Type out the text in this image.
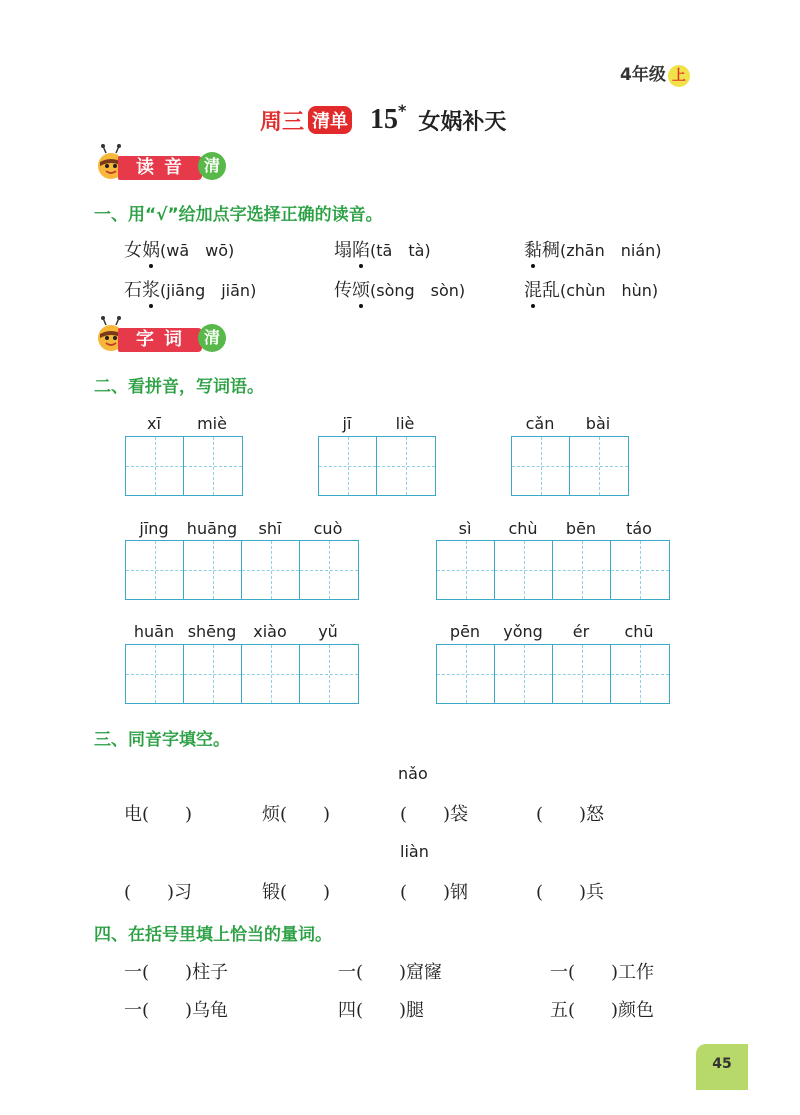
4年级 上
周三 清单 15 * 女娲补天
读音 清
一、用“√”给加点字选择正确的读音。
女娲(wā　wō)	塌陷(tā　tà)	黏稠(zhān　nián)
石浆(jiāng　jiān)	传颂(sòng　sòn)	混乱(chùn　hùn)
字词 清
二、看拼音，写词语。
xī	miè	jī	liè	cǎn	bài
jīng	huāng	shī	cuò	sì	chù	bēn	táo
huān shēng	xiào	yǔ	pēn	yǒng	ér	chū
三、同音字填空。
nǎo
电(　　)	烦(　　)	(　　)袋	(　　)怒
liàn
(　　)习	锻(　　)	(　　)钢	(　　)兵
四、在括号里填上恰当的量词。
一(　　)柱子	一(　　)窟窿	一(　　)工作
一(　　)乌龟	四(　　)腿	五(　　)颜色
45
